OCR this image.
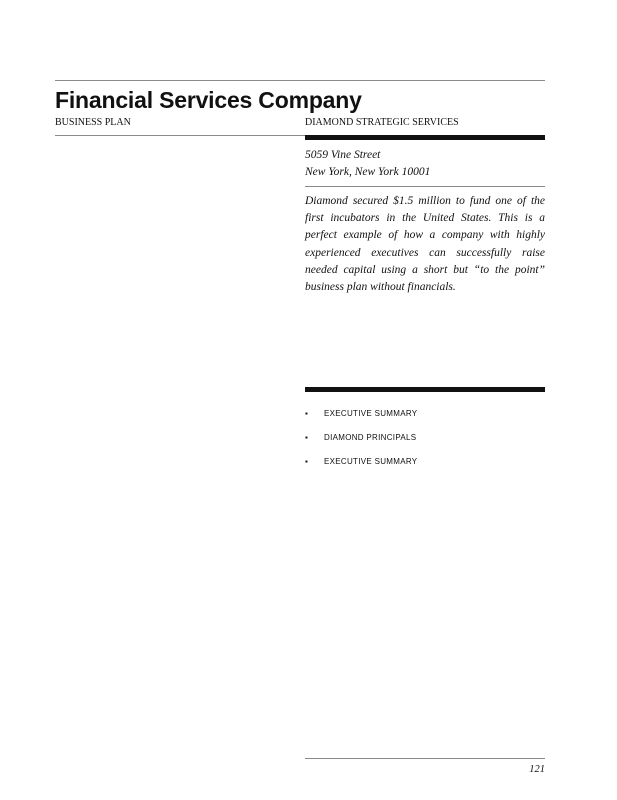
Financial Services Company
BUSINESS PLAN	DIAMOND STRATEGIC SERVICES
5059 Vine Street
New York, New York 10001

Diamond secured $1.5 million to fund one of the first incubators in the United States. This is a perfect example of how a company with highly experienced executives can successfully raise needed capital using a short but “to the point” business plan without financials.

▪	EXECUTIVE SUMMARY
▪	DIAMOND PRINCIPALS
▪	EXECUTIVE SUMMARY
121
